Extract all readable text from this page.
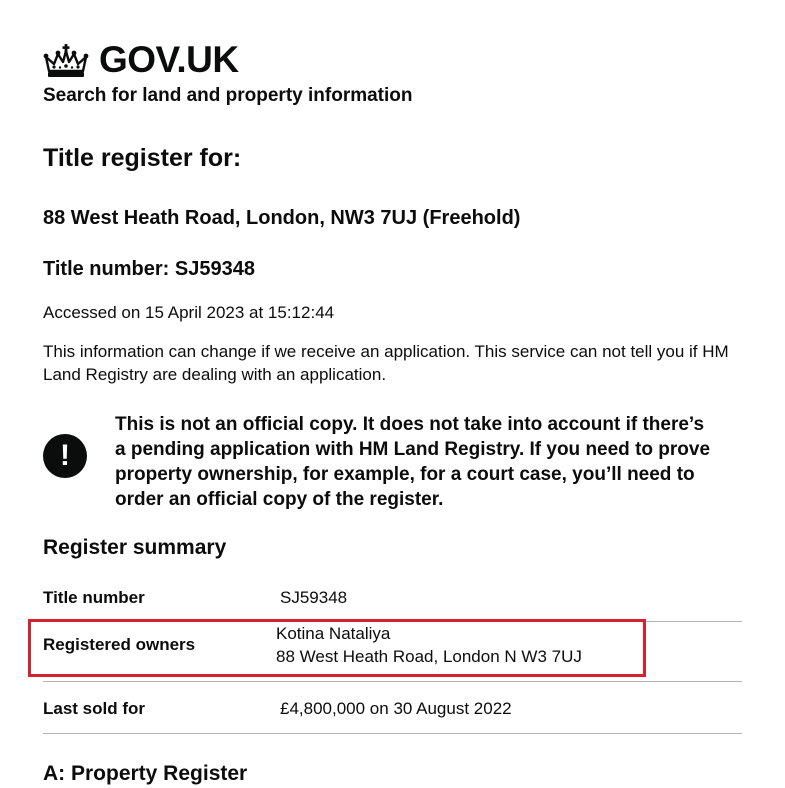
GOV.UK
Search for land and property information
Title register for:
88 West Heath Road, London, NW3 7UJ (Freehold)
Title number: SJ59348

Accessed on 15 April 2023 at 15:12:44

This information can change if we receive an application. This service can not tell you if HM Land Registry are dealing with an application.

!

This is not an official copy. It does not take into account if there’s a pending application with HM Land Registry. If you need to prove property ownership, for example, for a court case, you’ll need to order an official copy of the register.

Register summary
Title number	SJ59348
Last sold for	£4,800,000 on 30 August 2022
Registered owners
Kotina Nataliya
88 West Heath Road, London N W3 7UJ
A: Property Register
